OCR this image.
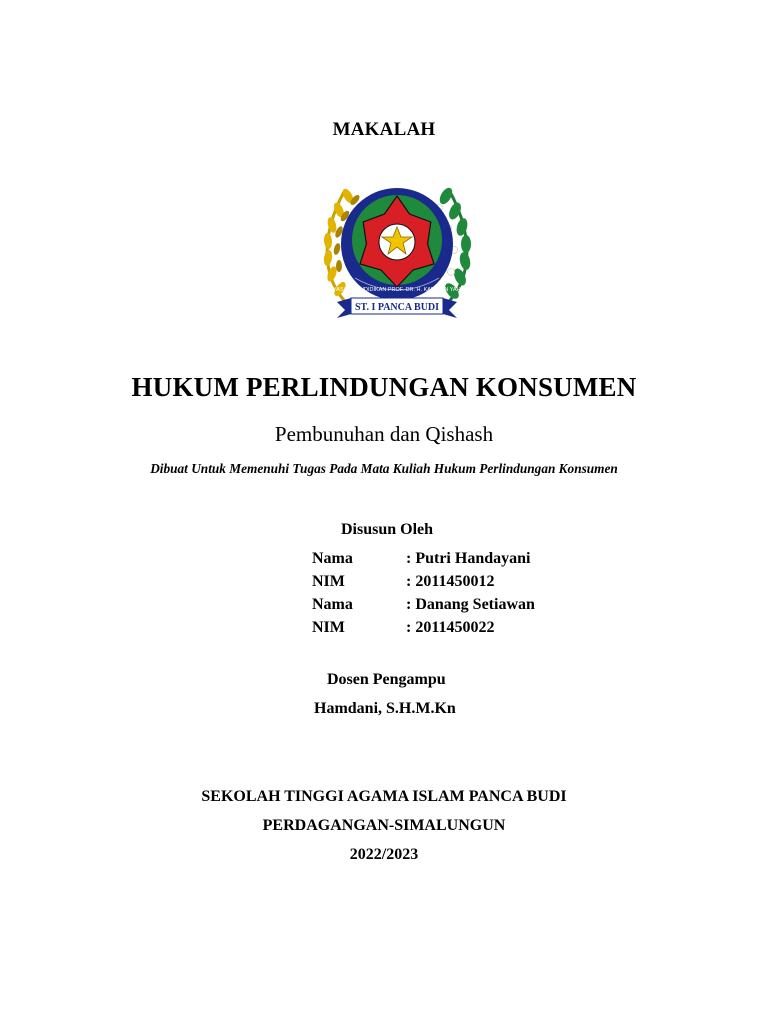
MAKALAH
YAYASAN PENDIDIKAN PROF. DR. H. KADIRUN YAHYA
ST. I PANCA BUDI
HUKUM PERLINDUNGAN KONSUMEN
Pembunuhan dan Qishash
Dibuat Untuk Memenuhi Tugas Pada Mata Kuliah Hukum Perlindungan Konsumen
Disusun Oleh
Nama	: Putri Handayani
NIM	: 2011450012
Nama	: Danang Setiawan
NIM	: 2011450022
Dosen Pengampu
Hamdani, S.H.M.Kn
SEKOLAH TINGGI AGAMA ISLAM PANCA BUDI
PERDAGANGAN-SIMALUNGUN
2022/2023
